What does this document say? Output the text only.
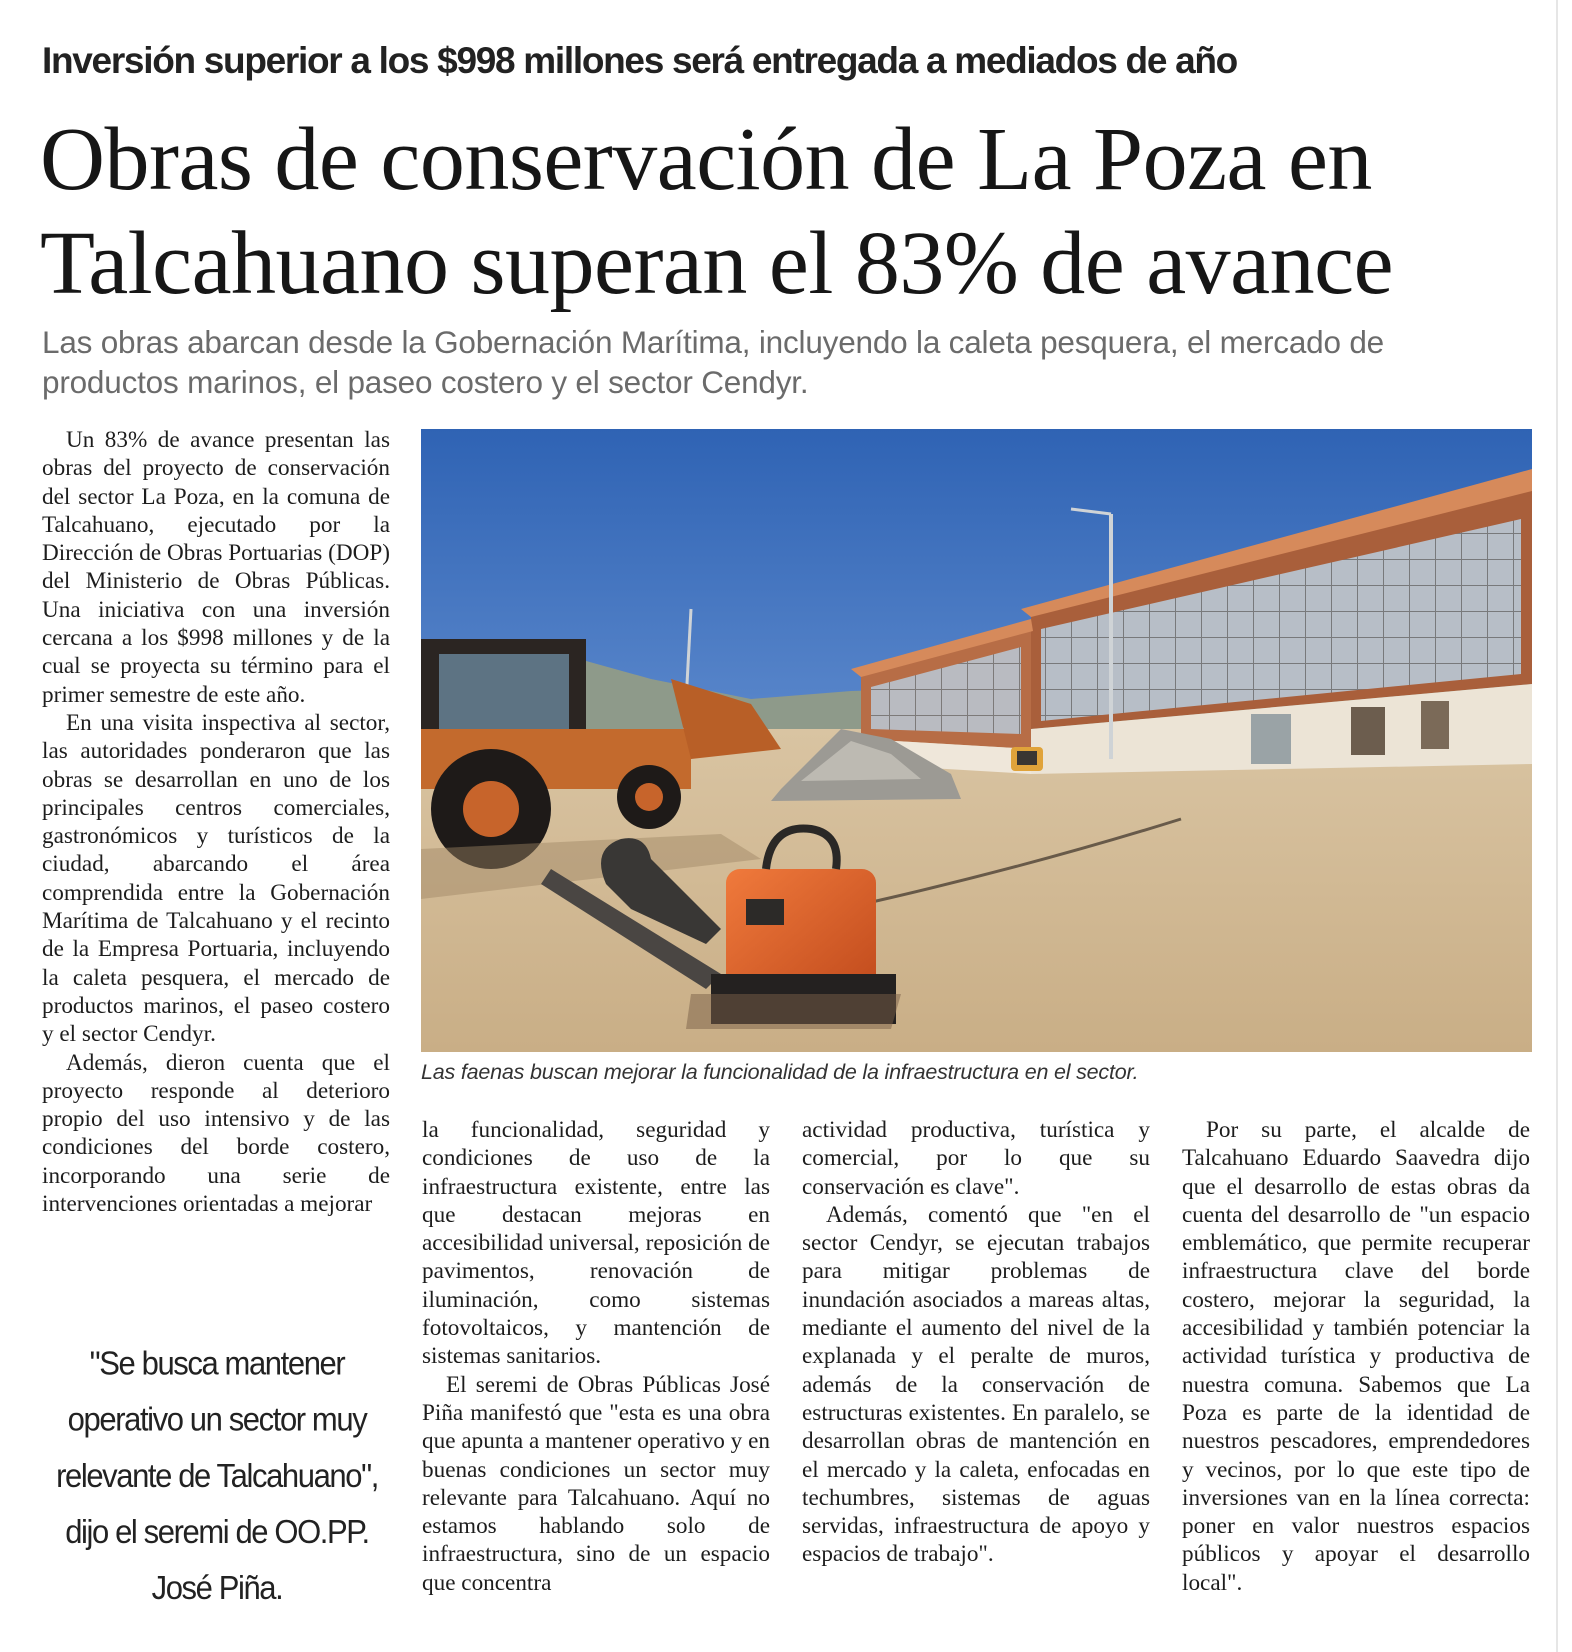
Inversión superior a los $998 millones será entregada a mediados de año
Obras de conservación de La Poza en Talcahuano superan el 83% de avance
Las obras abarcan desde la Gobernación Marítima, incluyendo la caleta pesquera, el mercado de productos marinos, el paseo costero y el sector Cendyr.

Un 83% de avance presentan las obras del proyecto de conservación del sector La Poza, en la comuna de Talcahuano, ejecutado por la Dirección de Obras Portuarias (DOP) del Ministerio de Obras Públicas. Una iniciativa con una inversión cercana a los $998 millones y de la cual se proyecta su término para el primer semestre de este año.

En una visita inspectiva al sector, las autoridades ponderaron que las obras se desarrollan en uno de los principales centros comerciales, gastronómicos y turísticos de la ciudad, abarcando el área comprendida entre la Gobernación Marítima de Talcahuano y el recinto de la Empresa Portuaria, incluyendo la caleta pesquera, el mercado de productos marinos, el paseo costero y el sector Cendyr.

Además, dieron cuenta que el proyecto responde al deterioro propio del uso intensivo y de las condiciones del borde costero, incorporando una serie de intervenciones orientadas a mejorar

"Se busca mantener operativo un sector muy relevante de Talcahuano", dijo el seremi de OO.PP. José Piña.
Las faenas buscan mejorar la funcionalidad de la infraestructura en el sector.

la funcionalidad, seguridad y condiciones de uso de la infraestructura existente, entre las que destacan mejoras en accesibilidad universal, reposición de pavimentos, renovación de iluminación, como sistemas fotovoltaicos, y mantención de sistemas sanitarios.

El seremi de Obras Públicas José Piña manifestó que "esta es una obra que apunta a mantener operativo y en buenas condiciones un sector muy relevante para Talcahuano. Aquí no estamos hablando solo de infraestructura, sino de un espacio que concentra

actividad productiva, turística y comercial, por lo que su conservación es clave".

Además, comentó que "en el sector Cendyr, se ejecutan trabajos para mitigar problemas de inundación asociados a mareas altas, mediante el aumento del nivel de la explanada y el peralte de muros, además de la conservación de estructuras existentes. En paralelo, se desarrollan obras de mantención en el mercado y la caleta, enfocadas en techumbres, sistemas de aguas servidas, infraestructura de apoyo y espacios de trabajo".

Por su parte, el alcalde de Talcahuano Eduardo Saavedra dijo que el desarrollo de estas obras da cuenta del desarrollo de "un espacio emblemático, que permite recuperar infraestructura clave del borde costero, mejorar la seguridad, la accesibilidad y también potenciar la actividad turística y productiva de nuestra comuna. Sabemos que La Poza es parte de la identidad de nuestros pescadores, emprendedores y vecinos, por lo que este tipo de inversiones van en la línea correcta: poner en valor nuestros espacios públicos y apoyar el desarrollo local".
